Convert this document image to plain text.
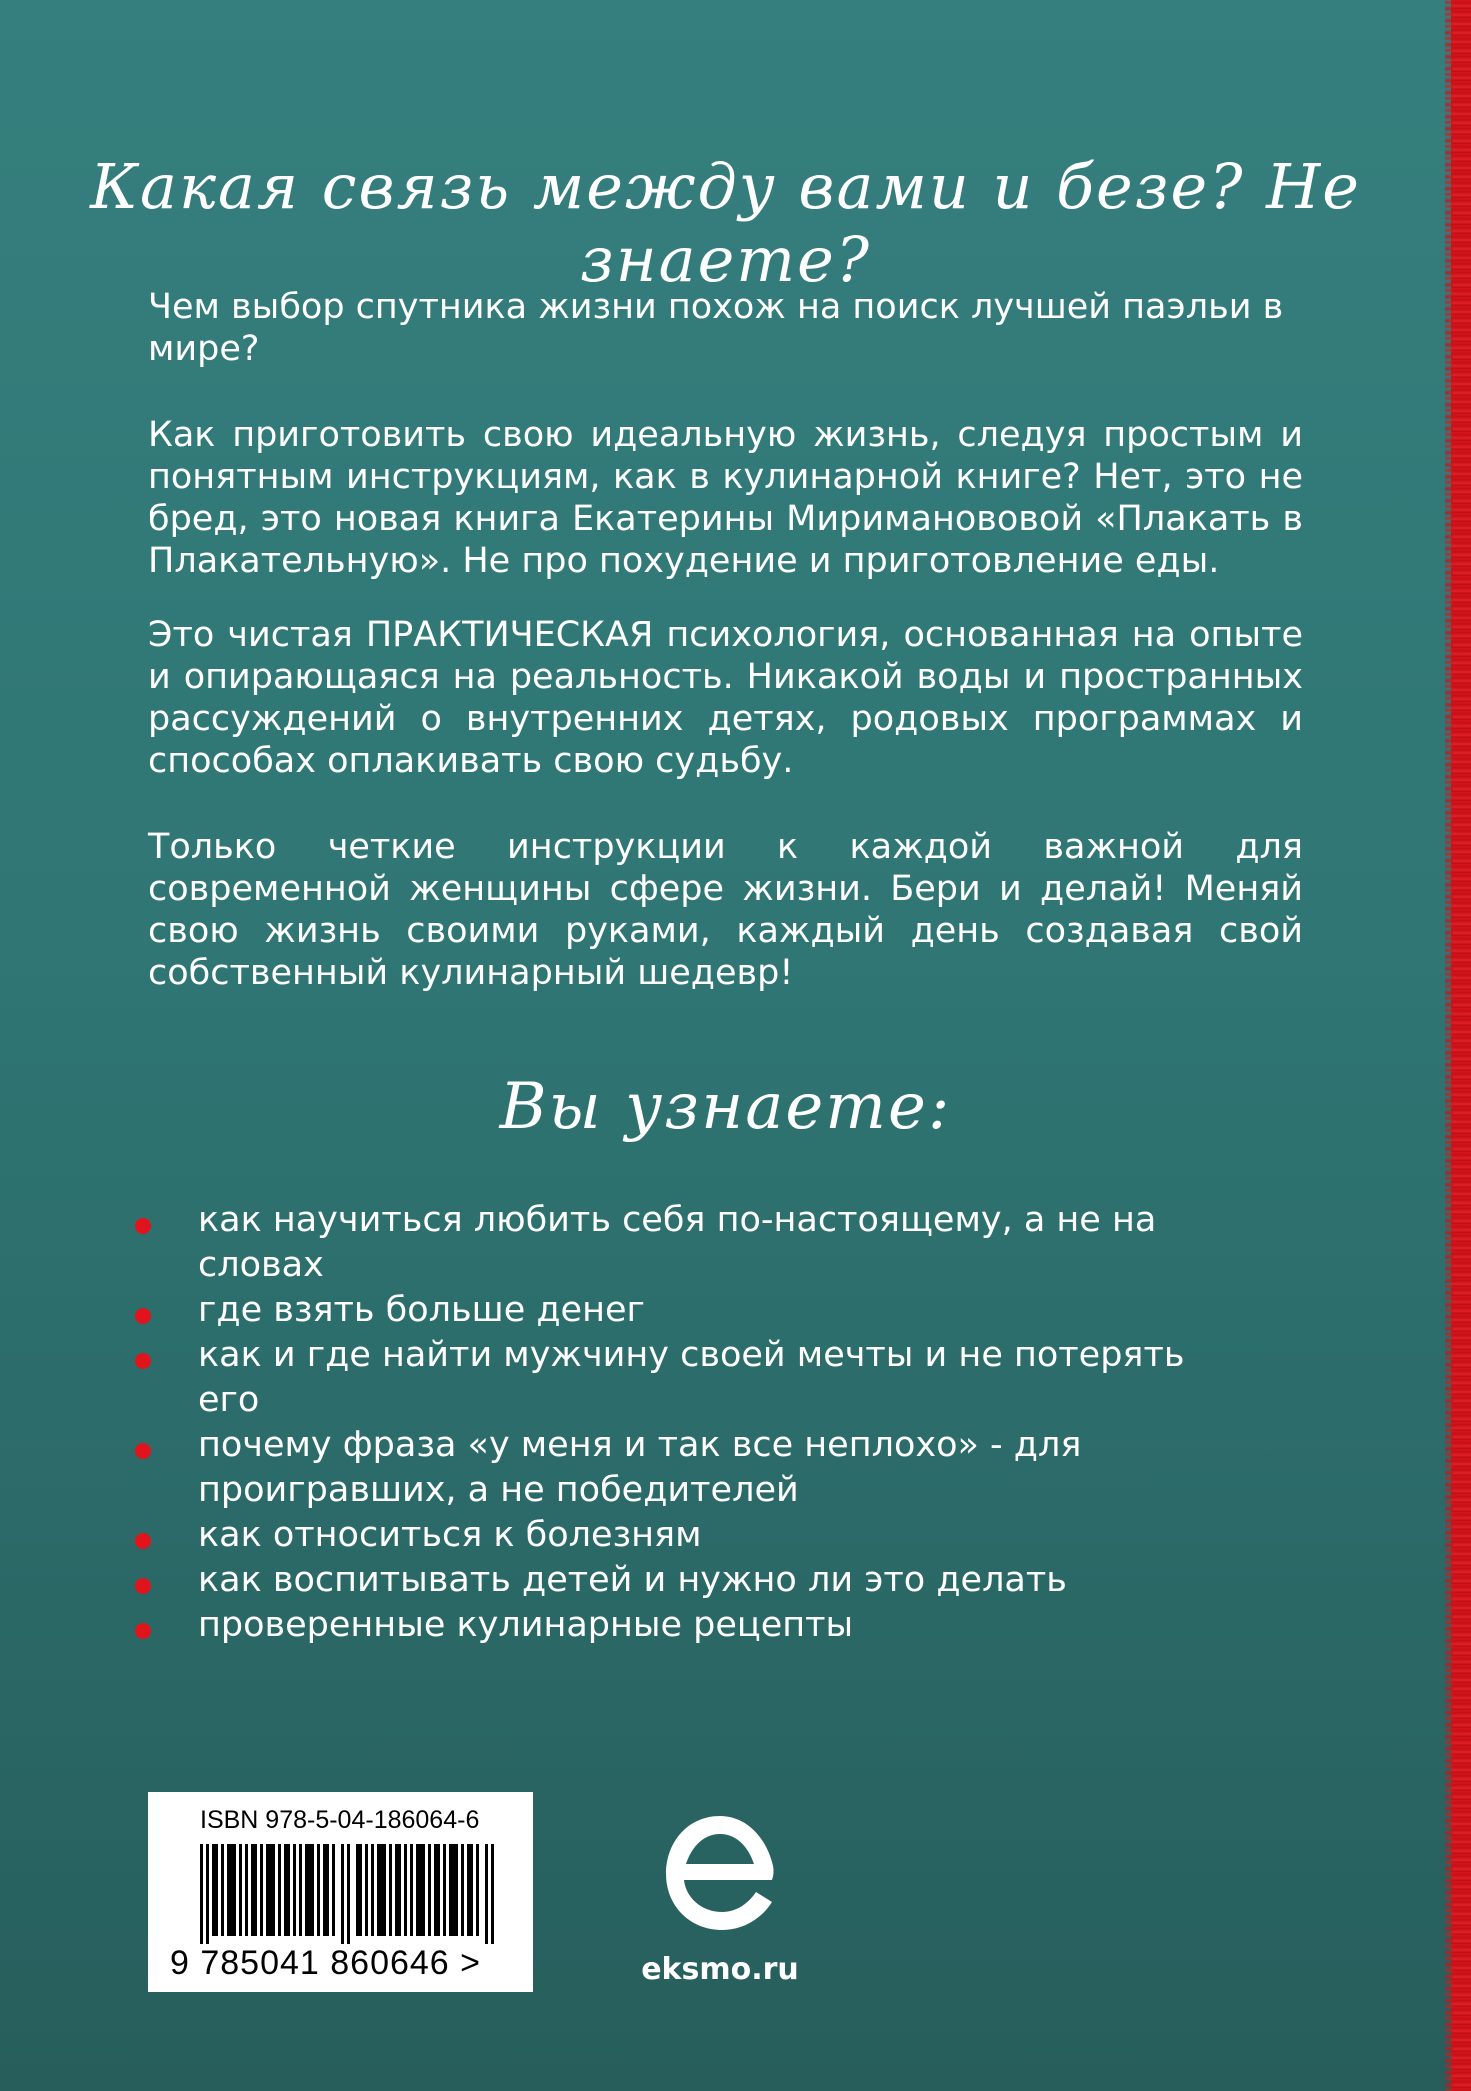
Какая связь между вами и безе? Не знаете?

Чем выбор спутника жизни похож на поиск лучшей паэльи в мире?

Как приготовить свою идеальную жизнь, следуя простым и понятным инструкциям, как в кулинарной книге? Нет, это не бред, это новая книга Екатерины Мириманововой «Плакать в Плакательную». Не про похудение и приготовление еды.

Это чистая ПРАКТИЧЕСКАЯ психология, основанная на опыте и опирающаяся на реальность. Никакой воды и пространных рассуждений о внутренних детях, родовых программах и способах оплакивать свою судьбу.

Только четкие инструкции к каждой важной для современной женщины сфере жизни. Бери и делай! Меняй свою жизнь своими руками, каждый день создавая свой собственный кулинарный шедевр!

Вы узнаете:
как научиться любить себя по-настоящему, а не на словах
где взять больше денег
как и где найти мужчину своей мечты и не потерять его
почему фраза «у меня и так все неплохо» - для проигравших, а не победителей
как относиться к болезням
как воспитывать детей и нужно ли это делать
проверенные кулинарные рецепты
ISBN 978-5-04-186064-6
9 785041 860646 >	eksmo.ru
